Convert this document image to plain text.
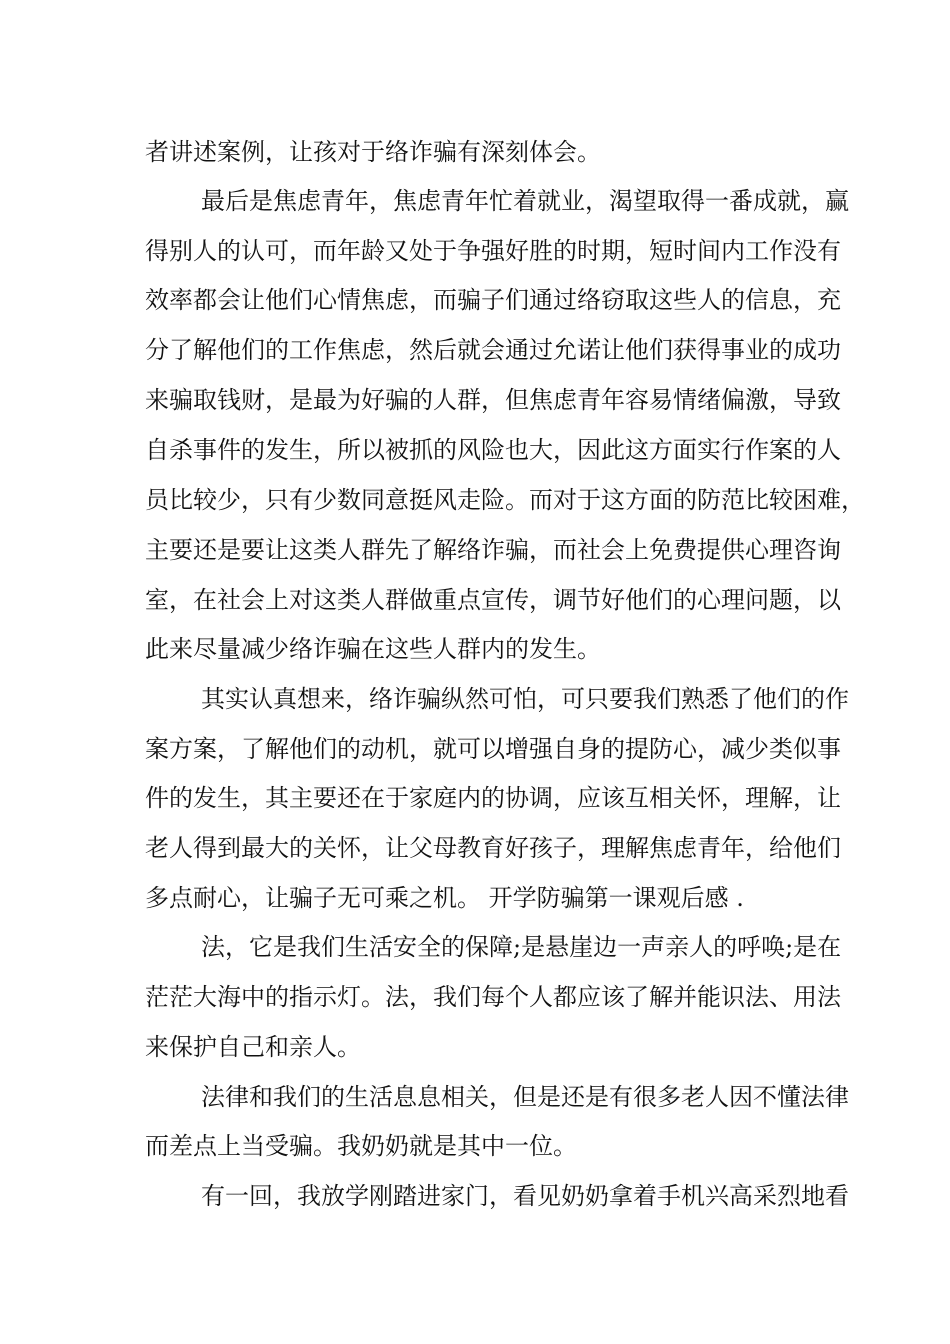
者讲述案例，让孩对于络诈骗有深刻体会。
最后是焦虑青年，焦虑青年忙着就业，渴望取得一番成就，赢
得别人的认可，而年龄又处于争强好胜的时期，短时间内工作没有
效率都会让他们心情焦虑，而骗子们通过络窃取这些人的信息，充
分了解他们的工作焦虑，然后就会通过允诺让他们获得事业的成功
来骗取钱财，是最为好骗的人群，但焦虑青年容易情绪偏激，导致
自杀事件的发生，所以被抓的风险也大，因此这方面实行作案的人
员比较少，只有少数同意挺风走险。而对于这方面的防范比较困难，
主要还是要让这类人群先了解络诈骗，而社会上免费提供心理咨询
室，在社会上对这类人群做重点宣传，调节好他们的心理问题，以
此来尽量减少络诈骗在这些人群内的发生。
其实认真想来，络诈骗纵然可怕，可只要我们熟悉了他们的作
案方案，了解他们的动机，就可以增强自身的提防心，减少类似事
件的发生，其主要还在于家庭内的协调，应该互相关怀，理解，让
老人得到最大的关怀，让父母教育好孩子，理解焦虑青年，给他们
多点耐心，让骗子无可乘之机。 开学防骗第一课观后感 .
法，它是我们生活安全的保障;是悬崖边一声亲人的呼唤;是在
茫茫大海中的指示灯。法，我们每个人都应该了解并能识法、用法
来保护自己和亲人。
法律和我们的生活息息相关，但是还是有很多老人因不懂法律
而差点上当受骗。我奶奶就是其中一位。
有一回，我放学刚踏进家门，看见奶奶拿着手机兴高采烈地看
